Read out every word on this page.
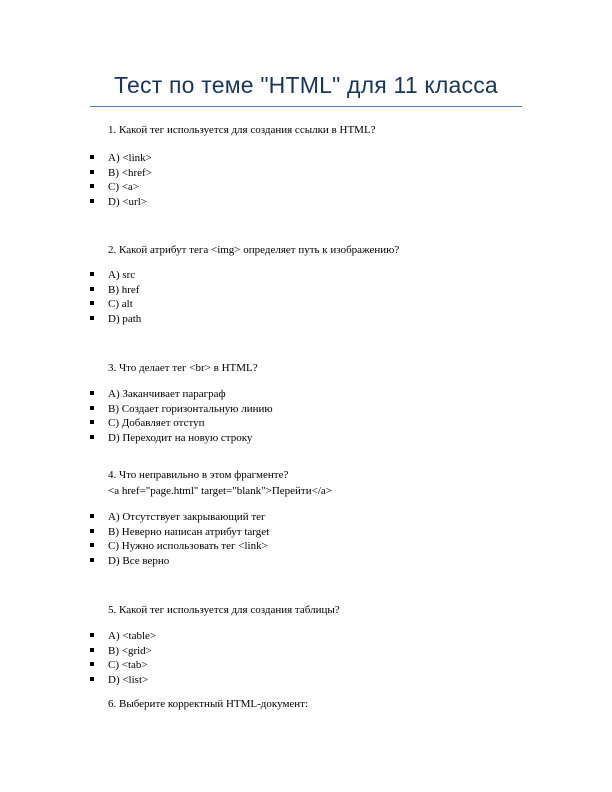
Тест по теме "HTML" для 11 класса
1. Какой тег используется для создания ссылки в HTML?
A) <link>
B) <href>
C) <a>
D) <url>
2. Какой атрибут тега <img> определяет путь к изображению?
A) src
B) href
C) alt
D) path
3. Что делает тег <br> в HTML?
A) Заканчивает параграф
B) Создает горизонтальную линию
C) Добавляет отступ
D) Переходит на новую строку
4. Что неправильно в этом фрагменте?
<a href="page.html" target="blank">Перейти</a>
A) Отсутствует закрывающий тег
B) Неверно написан атрибут target
C) Нужно использовать тег <link>
D) Все верно
5. Какой тег используется для создания таблицы?
A) <table>
B) <grid>
C) <tab>
D) <list>
6. Выберите корректный HTML-документ:
